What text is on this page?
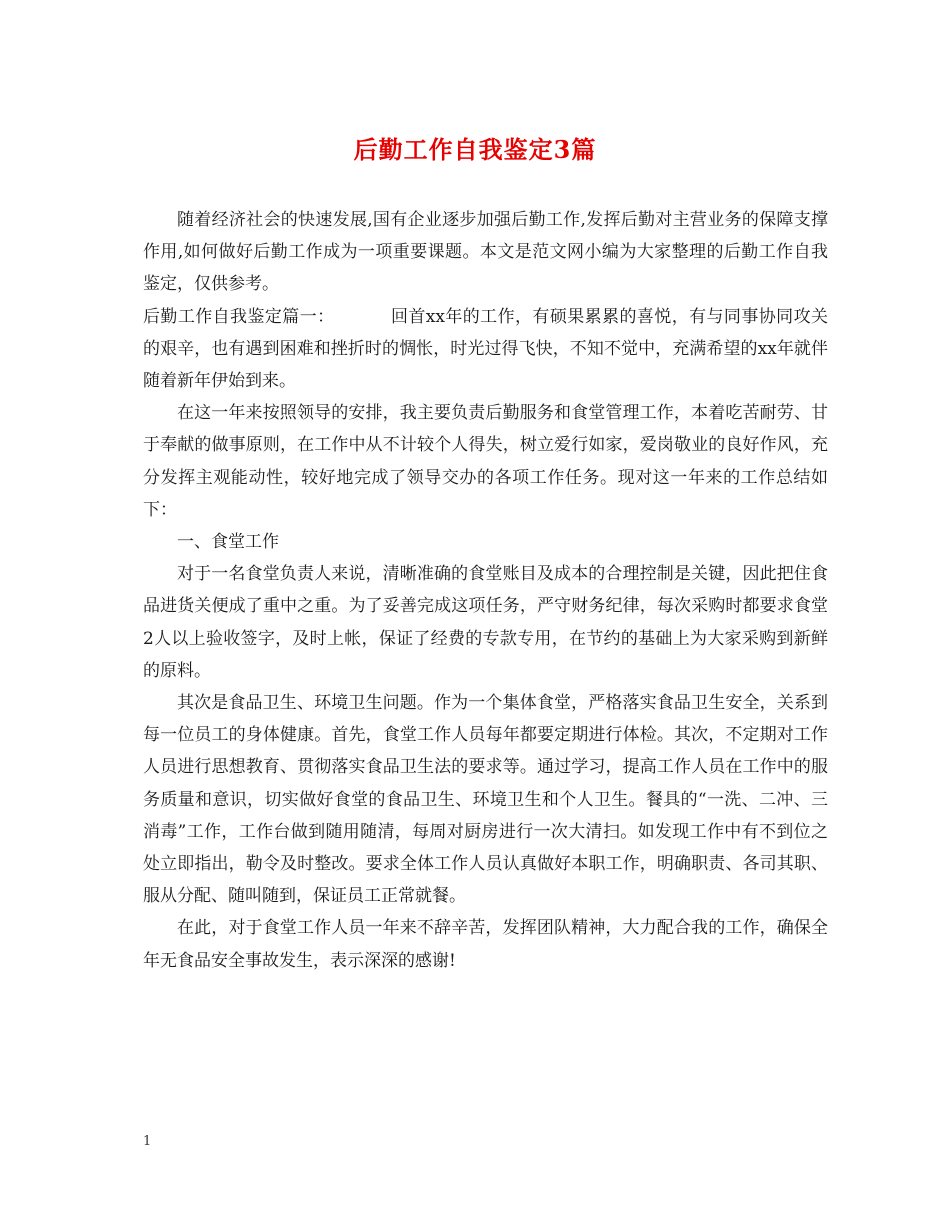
后勤工作自我鉴定3篇

随着经济社会的快速发展,国有企业逐步加强后勤工作,发挥后勤对主营业务的保障支撑作用,如何做好后勤工作成为一项重要课题。本文是范文网小编为大家整理的后勤工作自我鉴定，仅供参考。

后勤工作自我鉴定篇一：	回首xx年的工作，有硕果累累的喜悦，有与同事协同攻关的艰辛，也有遇到困难和挫折时的惆怅，时光过得飞快，不知不觉中，充满希望的xx年就伴随着新年伊始到来。

在这一年来按照领导的安排，我主要负责后勤服务和食堂管理工作，本着吃苦耐劳、甘于奉献的做事原则，在工作中从不计较个人得失，树立爱行如家，爱岗敬业的良好作风，充分发挥主观能动性，较好地完成了领导交办的各项工作任务。现对这一年来的工作总结如下：

一、食堂工作

对于一名食堂负责人来说，清晰准确的食堂账目及成本的合理控制是关键，因此把住食品进货关便成了重中之重。为了妥善完成这项任务，严守财务纪律，每次采购时都要求食堂2人以上验收签字，及时上帐，保证了经费的专款专用，在节约的基础上为大家采购到新鲜的原料。

其次是食品卫生、环境卫生问题。作为一个集体食堂，严格落实食品卫生安全，关系到每一位员工的身体健康。首先，食堂工作人员每年都要定期进行体检。其次，不定期对工作人员进行思想教育、贯彻落实食品卫生法的要求等。通过学习，提高工作人员在工作中的服务质量和意识，切实做好食堂的食品卫生、环境卫生和个人卫生。餐具的“一洗、二冲、三消毒”工作，工作台做到随用随清，每周对厨房进行一次大清扫。如发现工作中有不到位之处立即指出，勒令及时整改。要求全体工作人员认真做好本职工作，明确职责、各司其职、服从分配、随叫随到，保证员工正常就餐。

在此，对于食堂工作人员一年来不辞辛苦，发挥团队精神，大力配合我的工作，确保全年无食品安全事故发生，表示深深的感谢!

1
